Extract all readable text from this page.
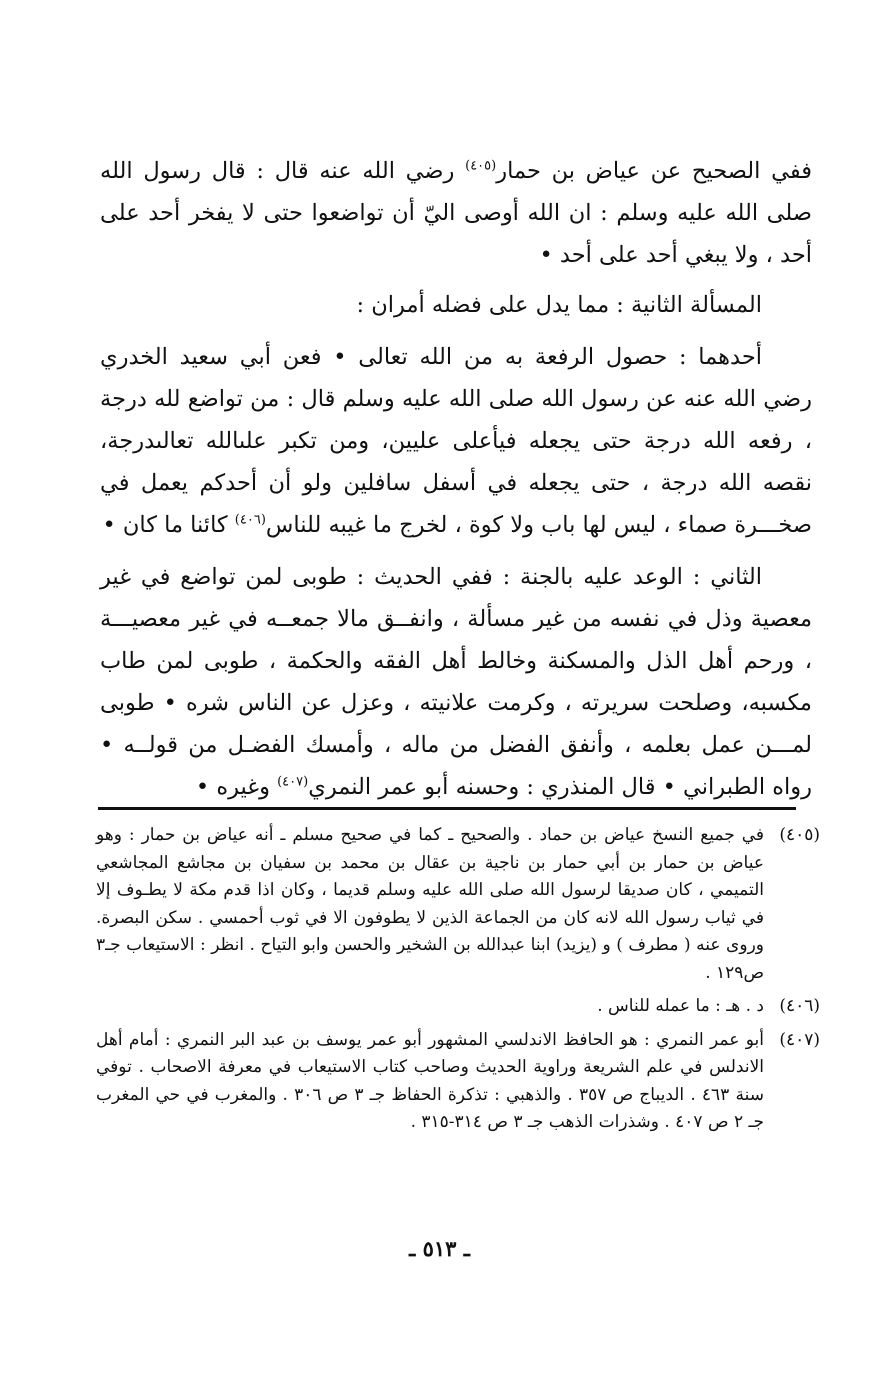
ففي الصحيح عن عياض بن حمار$^{(٤٠٥)}$ رضي الله عنه قال : قال رسول الله صلى الله عليه وسلم : ان الله أوصى اليّ أن تواضعوا حتى لا يفخر أحد على أحد ، ولا يبغي أحد على أحد •

المسألة الثانية : مما يدل على فضله أمران :

أحدهما : حصول الرفعة به من الله تعالى • فعن أبي سعيد الخدري رضي الله عنه عن رسول الله صلى الله عليه وسلم قال : من تواضع لله درجة ، رفعه الله درجة حتى يجعله فيأعلى عليين، ومن تكبر علىالله تعالىدرجة، نقصه الله درجة ، حتى يجعله في أسفل سافلين ولو أن أحدكم يعمل في صخـــرة صماء ، ليس لها باب ولا كوة ، لخرج ما غيبه للناس$^{(٤٠٦)}$ كائنا ما كان •

الثاني : الوعد عليه بالجنة : ففي الحديث : طوبى لمن تواضع في غير معصية وذل في نفسه من غير مسألة ، وانفــق مالا جمعــه في غير معصيـــة ، ورحم أهل الذل والمسكنة وخالط أهل الفقه والحكمة ، طوبى لمن طاب مكسبه، وصلحت سريرته ، وكرمت علانيته ، وعزل عن الناس شره • طوبى لمـــن عمل بعلمه ، وأنفق الفضل من ماله ، وأمسك الفضـل من قولــه • رواه الطبراني • قال المنذري : وحسنه أبو عمر النمري$^{(٤٠٧)}$ وغيره •

(٤٠٥)
في جميع النسخ عياض بن حماد . والصحيح ـ كما في صحيح مسلم ـ أنه عياض بن حمار : وهو عياض بن حمار بن أبي حمار بن ناجية بن عقال بن محمد بن سفيان بن مجاشع المجاشعي التميمي ، كان صديقا لرسول الله صلى الله عليه وسلم قديما ، وكان اذا قدم مكة لا يطـوف إلا في ثياب رسول الله لانه كان من الجماعة الذين لا يطوفون الا في ثوب أحمسي . سكن البصرة. وروى عنه ( مطرف ) و (يزيد) ابنا عبدالله بن الشخير والحسن وابو التياح . انظر : الاستيعاب جـ٣ ص١٢٩ .
(٤٠٦)
د . هـ : ما عمله للناس .
(٤٠٧)
أبو عمر النمري : هو الحافظ الاندلسي المشهور أبو عمر يوسف بن عبد البر النمري : أمام أهل الاندلس في علم الشريعة وراوية الحديث وصاحب كتاب الاستيعاب في معرفة الاصحاب . توفي سنة ٤٦٣ . الديباج ص ٣٥٧ . والذهبي : تذكرة الحفاظ جـ ٣ ص ٣٠٦ . والمغرب في حي المغرب جـ ٢ ص ٤٠٧ . وشذرات الذهب جـ ٣ ص ٣١٤-٣١٥ .
ـ ٥١٣ ـ
